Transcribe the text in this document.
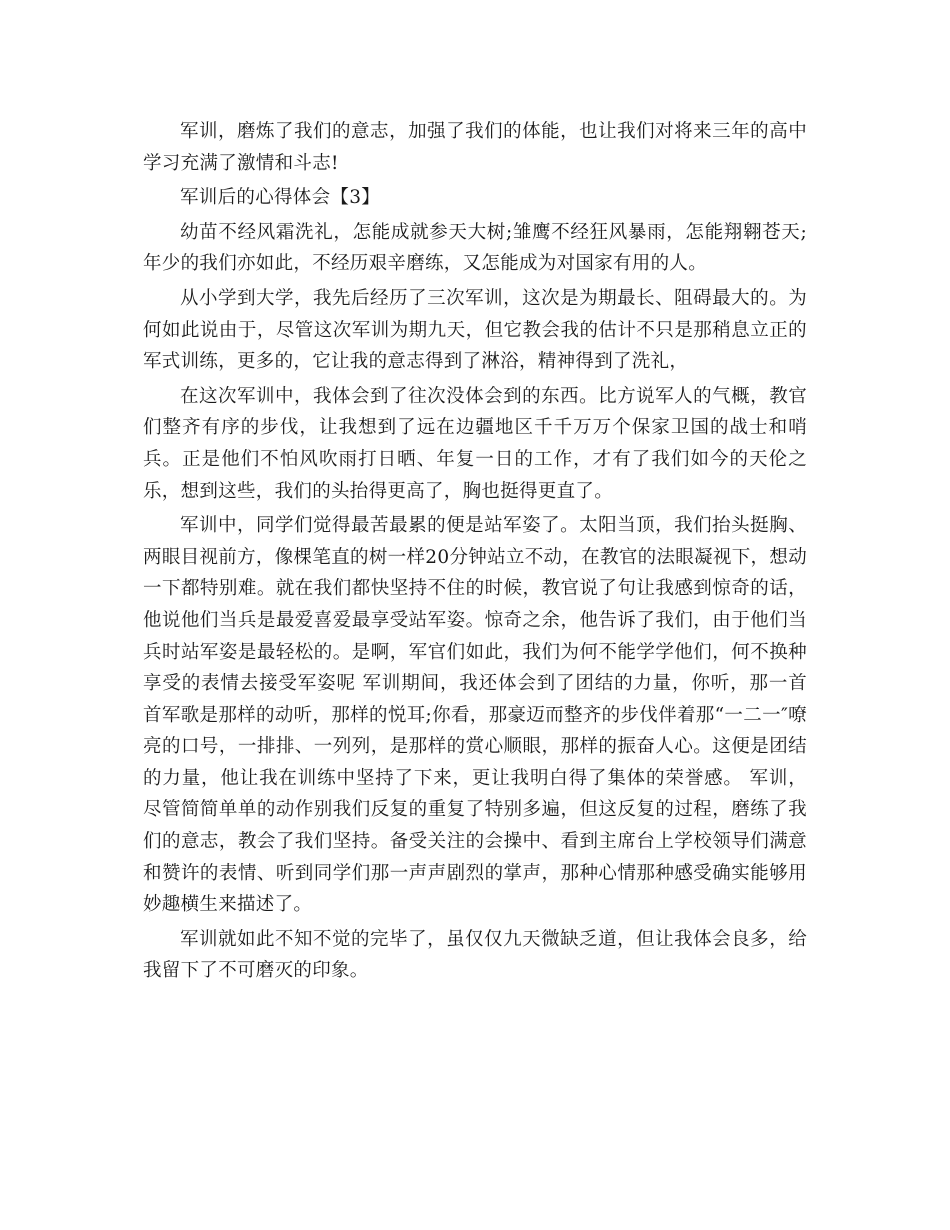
军训，磨炼了我们的意志，加强了我们的体能，也让我们对将来三年的高中学习充满了激情和斗志!

军训后的心得体会【3】

幼苗不经风霜洗礼，怎能成就参天大树;雏鹰不经狂风暴雨，怎能翔翱苍天;年少的我们亦如此，不经历艰辛磨练，又怎能成为对国家有用的人。

从小学到大学，我先后经历了三次军训，这次是为期最长、阻碍最大的。为何如此说由于，尽管这次军训为期九天，但它教会我的估计不只是那稍息立正的军式训练，更多的，它让我的意志得到了淋浴，精神得到了洗礼，

在这次军训中，我体会到了往次没体会到的东西。比方说军人的气概，教官们整齐有序的步伐，让我想到了远在边疆地区千千万万个保家卫国的战士和哨兵。正是他们不怕风吹雨打日晒、年复一日的工作，才有了我们如今的天伦之乐，想到这些，我们的头抬得更高了，胸也挺得更直了。

军训中，同学们觉得最苦最累的便是站军姿了。太阳当顶，我们抬头挺胸、两眼目视前方，像棵笔直的树一样20分钟站立不动，在教官的法眼凝视下，想动一下都特别难。就在我们都快坚持不住的时候，教官说了句让我感到惊奇的话，他说他们当兵是最爱喜爱最享受站军姿。惊奇之余，他告诉了我们，由于他们当兵时站军姿是最轻松的。是啊，军官们如此，我们为何不能学学他们，何不换种享受的表情去接受军姿呢 军训期间，我还体会到了团结的力量，你听，那一首首军歌是那样的动听，那样的悦耳;你看，那豪迈而整齐的步伐伴着那“一二一″嘹亮的口号，一排排、一列列，是那样的赏心顺眼，那样的振奋人心。这便是团结的力量，他让我在训练中坚持了下来，更让我明白得了集体的荣誉感。 军训，尽管简简单单的动作别我们反复的重复了特别多遍，但这反复的过程，磨练了我们的意志，教会了我们坚持。备受关注的会操中、看到主席台上学校领导们满意和赞许的表情、听到同学们那一声声剧烈的掌声，那种心情那种感受确实能够用妙趣横生来描述了。

军训就如此不知不觉的完毕了，虽仅仅九天微缺乏道，但让我体会良多，给我留下了不可磨灭的印象。
